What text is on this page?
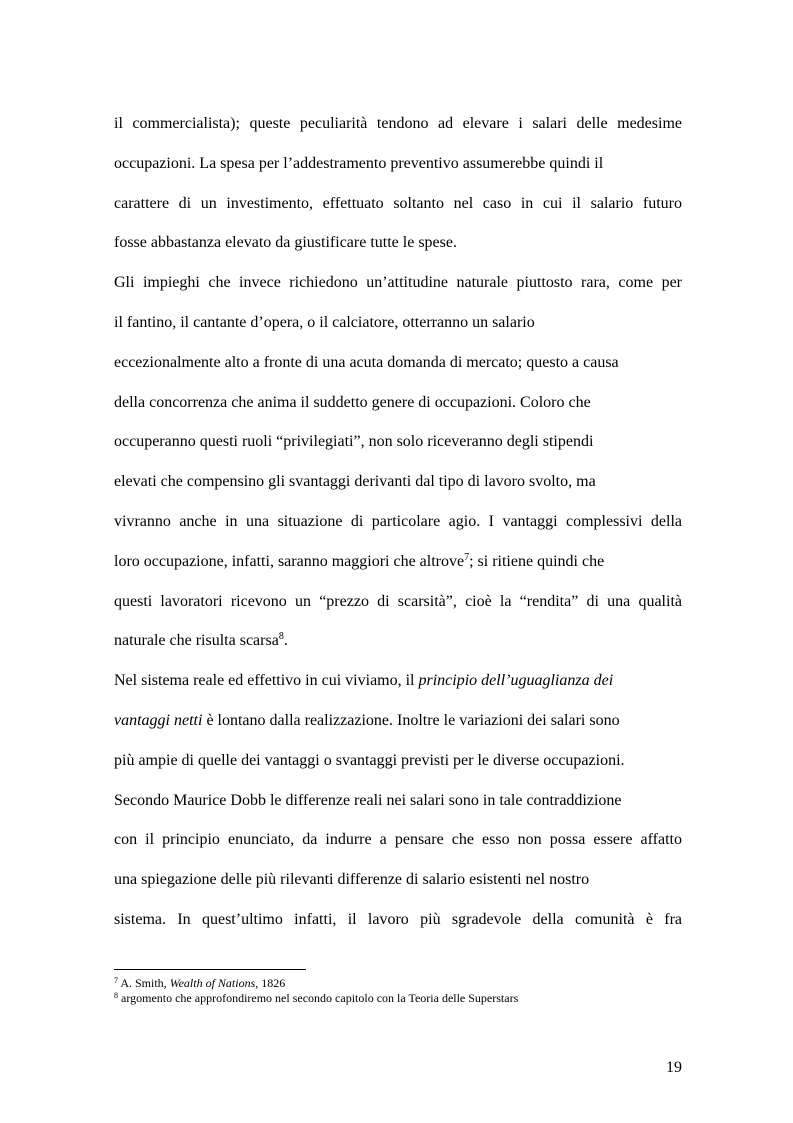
il commercialista); queste peculiarità tendono ad elevare i salari delle medesime
occupazioni. La spesa per l’addestramento preventivo assumerebbe quindi il
carattere di un investimento, effettuato soltanto nel caso in cui il salario futuro
fosse abbastanza elevato da giustificare tutte le spese.
Gli impieghi che invece richiedono un’attitudine naturale piuttosto rara, come per
il fantino, il cantante d’opera, o il calciatore, otterranno un salario
eccezionalmente alto a fronte di una acuta domanda di mercato; questo a causa
della concorrenza che anima il suddetto genere di occupazioni. Coloro che
occuperanno questi ruoli “privilegiati”, non solo riceveranno degli stipendi
elevati che compensino gli svantaggi derivanti dal tipo di lavoro svolto, ma
vivranno anche in una situazione di particolare agio. I vantaggi complessivi della
loro occupazione, infatti, saranno maggiori che altrove$^7$; si ritiene quindi che
questi lavoratori ricevono un “prezzo di scarsità”, cioè la “rendita” di una qualità
naturale che risulta scarsa$^8$.
Nel sistema reale ed effettivo in cui viviamo, il principio dell’uguaglianza dei
vantaggi netti è lontano dalla realizzazione. Inoltre le variazioni dei salari sono
più ampie di quelle dei vantaggi o svantaggi previsti per le diverse occupazioni.
Secondo Maurice Dobb le differenze reali nei salari sono in tale contraddizione
con il principio enunciato, da indurre a pensare che esso non possa essere affatto
una spiegazione delle più rilevanti differenze di salario esistenti nel nostro
sistema. In quest’ultimo infatti, il lavoro più sgradevole della comunità è fra
$^7$ A. Smith, Wealth of Nations, 1826
$^8$ argomento che approfondiremo nel secondo capitolo con la Teoria delle Superstars
19
